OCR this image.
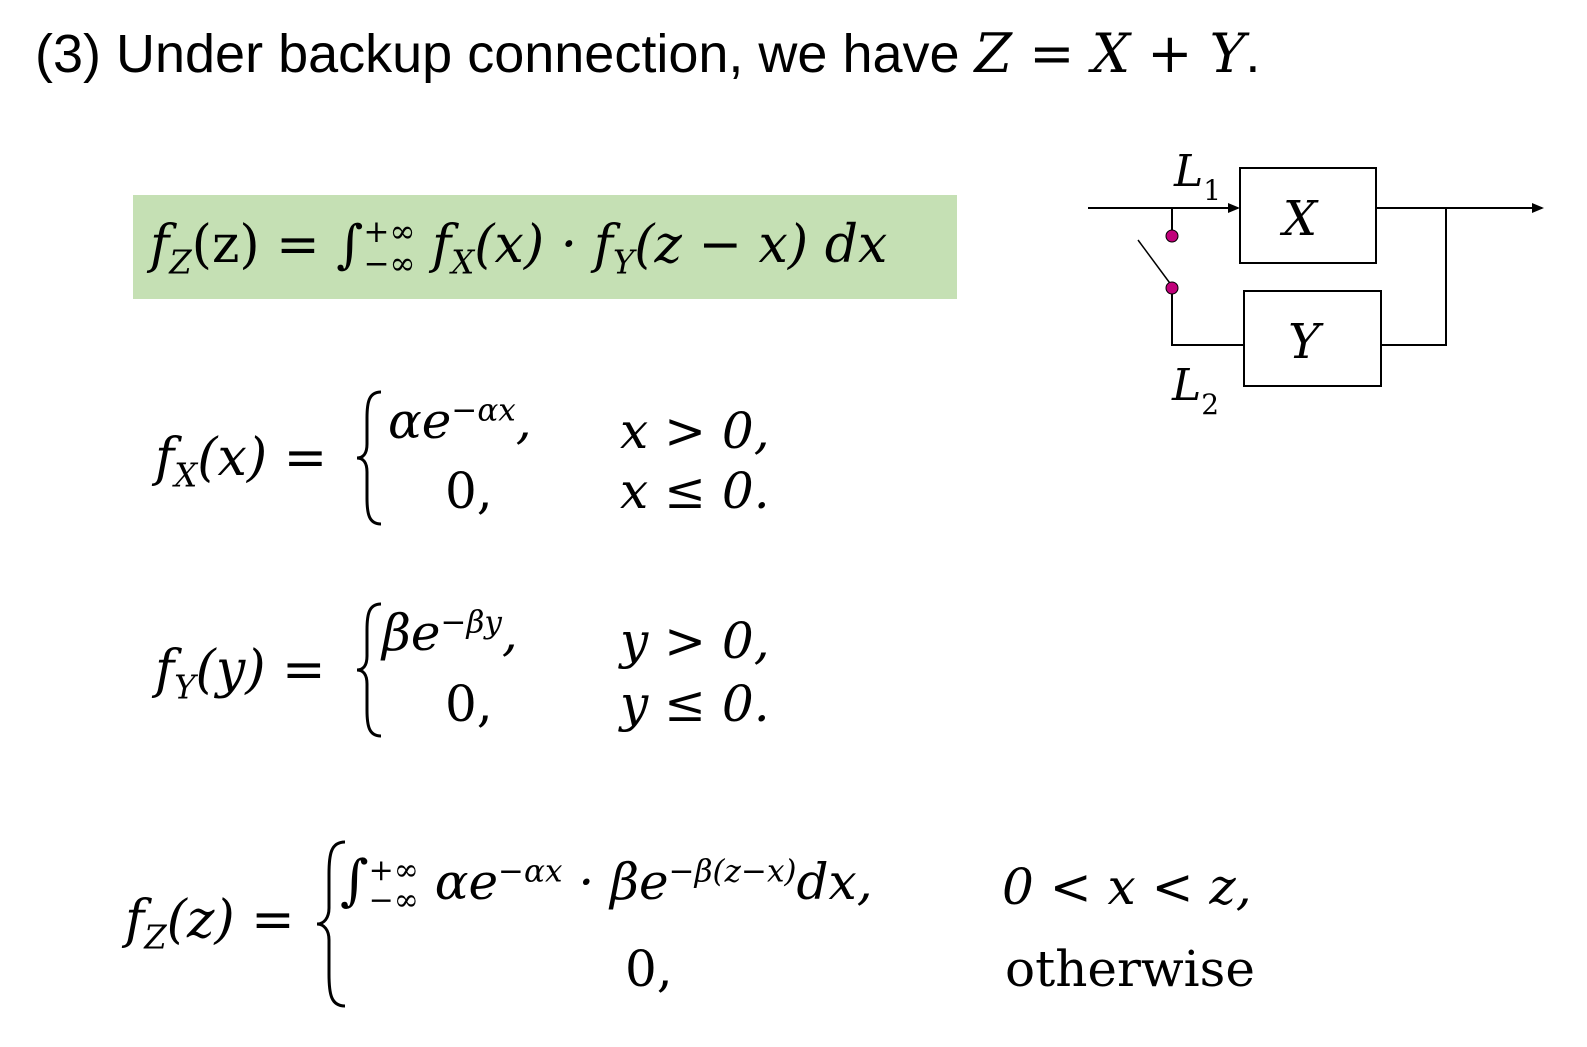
(3) Under backup connection, we have Z = X + Y.
$f_Z(z)$ = ∫ +∞
−∞ $f_X(x) \cdot f_Y(z - x)$ dx
$f_X(x)$ =
$\alpha e^{-\alpha x}$, x > 0,
0,	x ≤ 0.
$f_Y(y)$ =
$\beta e^{-\beta y}$, y > 0,
0,	y ≤ 0.
$f_Z(z)$ =
∫ +∞
−∞ $\alpha e^{-\alpha x} \cdot \beta e^{-\beta(z-x)}dx$,	0 < x < z,
0,	otherwise
$L_1$
$L_2$
X
Y
